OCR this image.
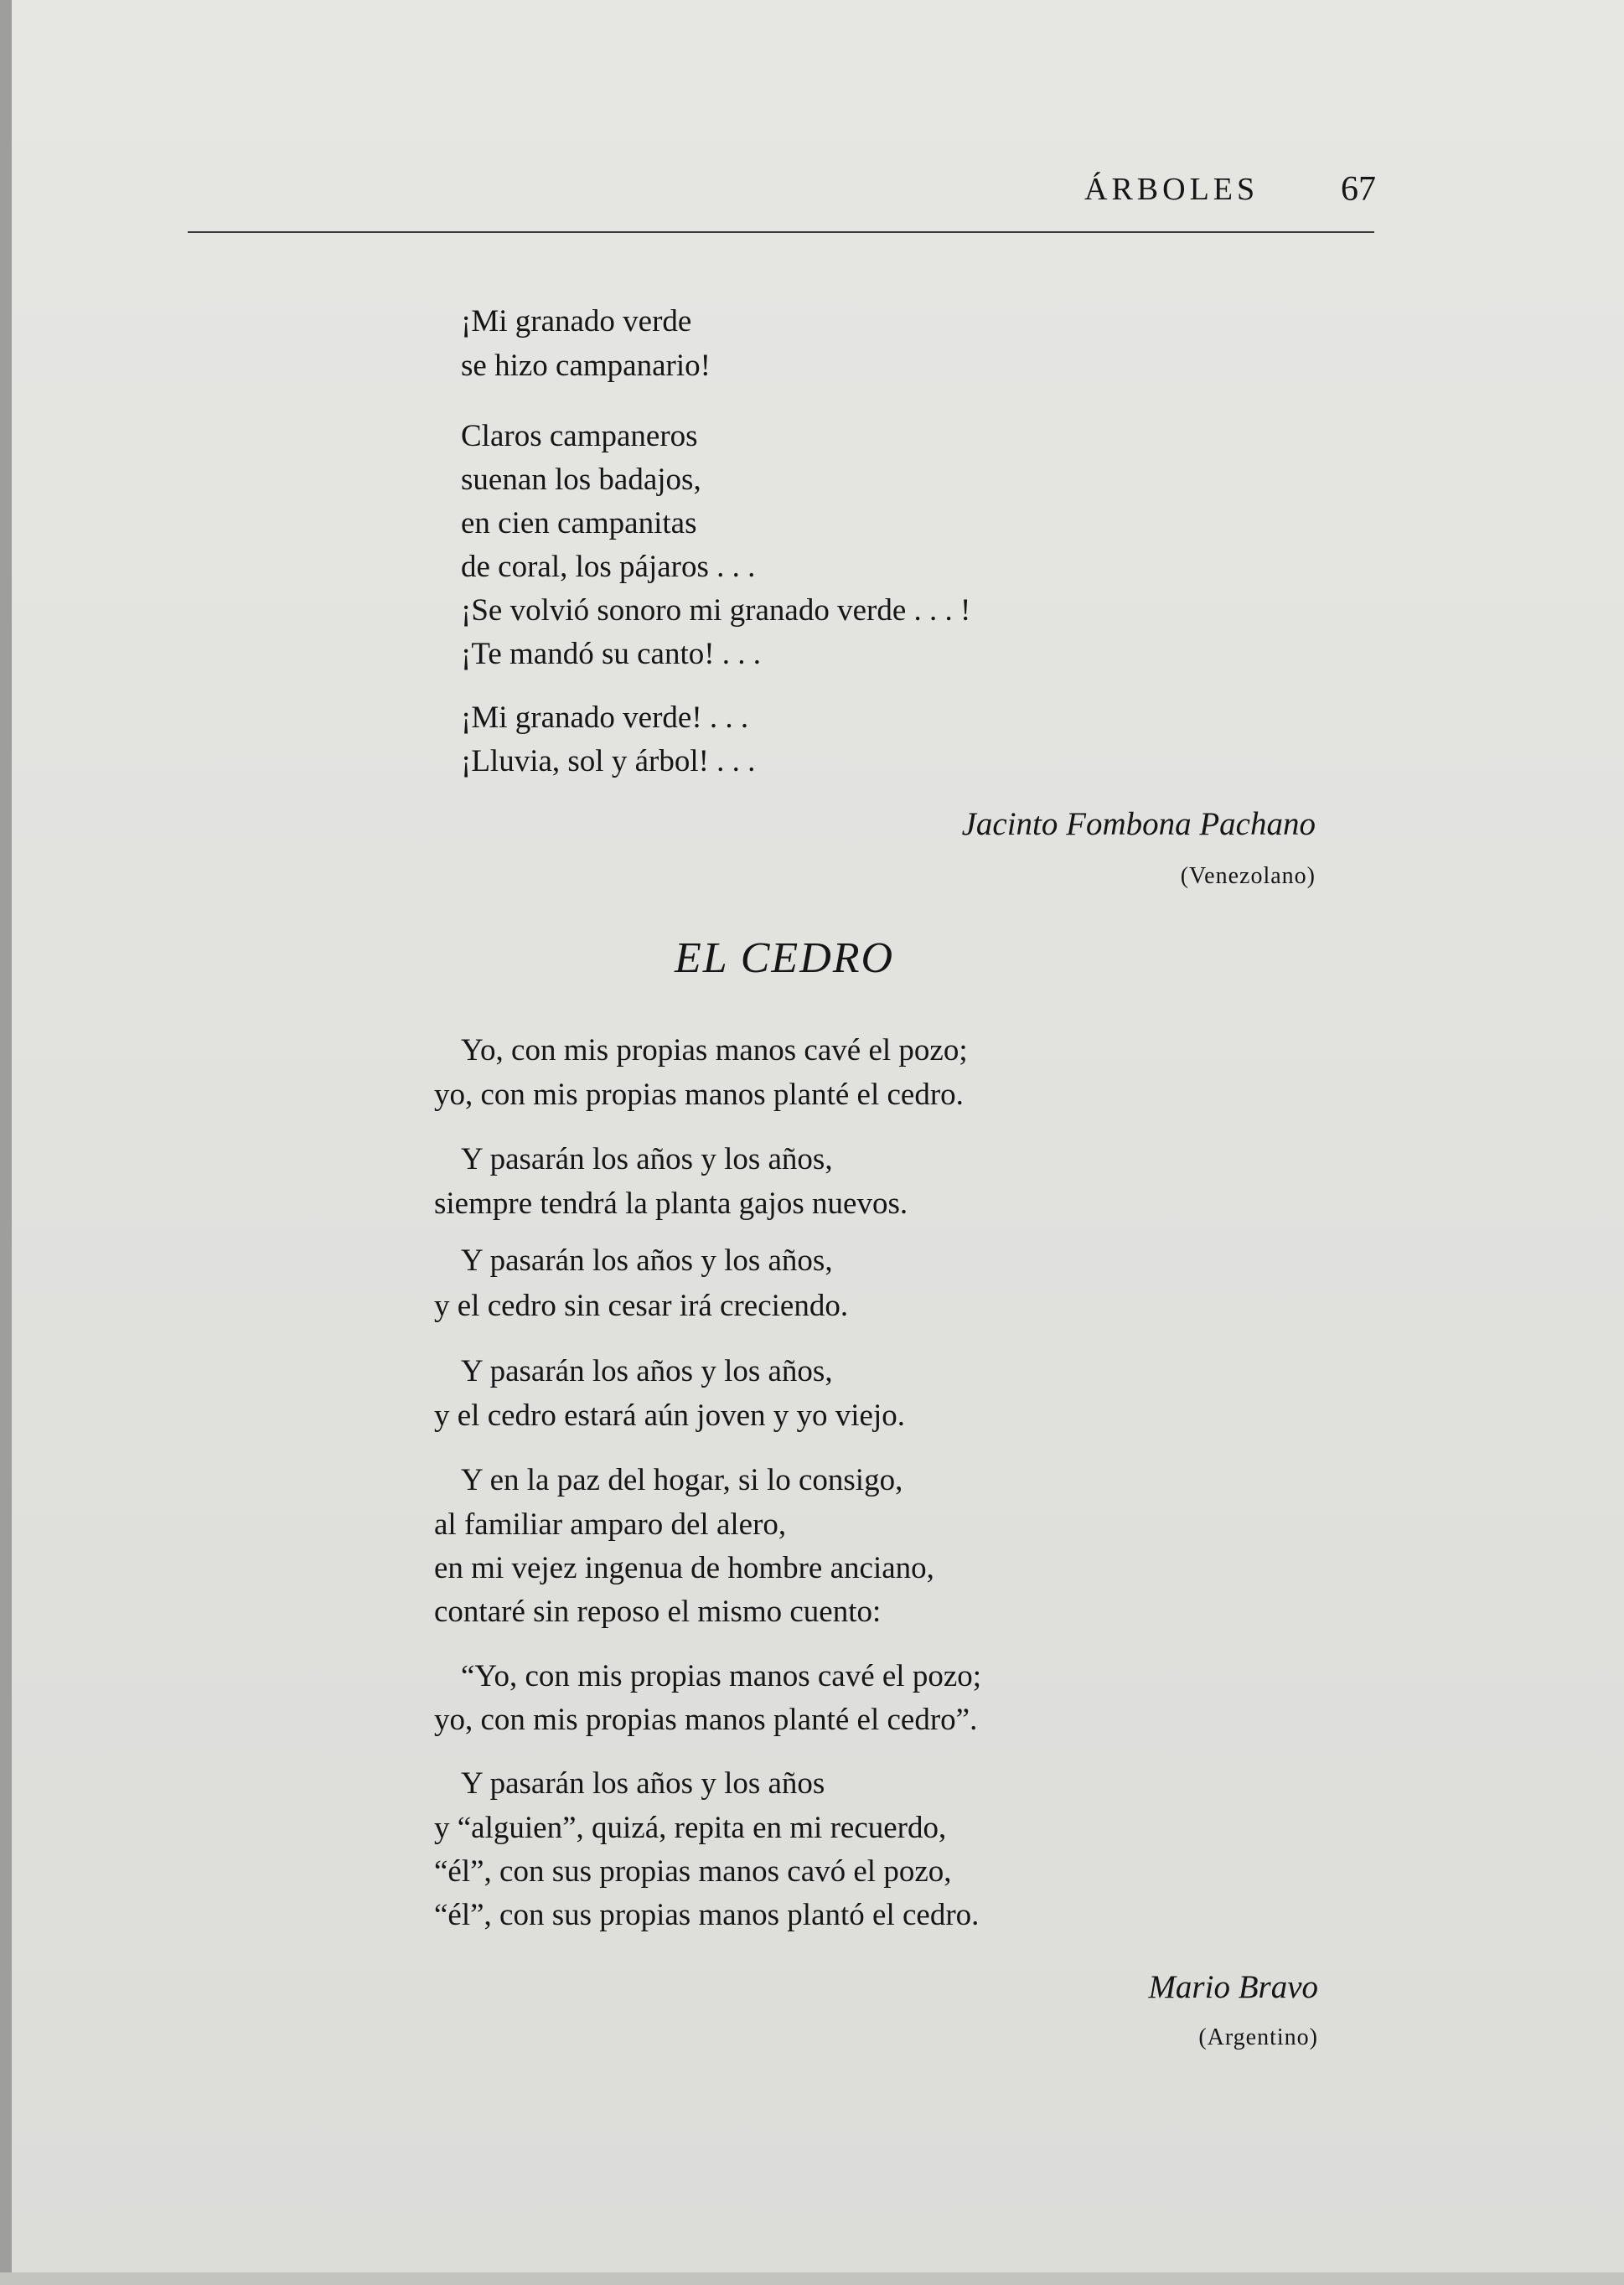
ÁRBOLES 67
¡Mi granado verde
se hizo campanario!
Claros campaneros
suenan los badajos,
en cien campanitas
de coral, los pájaros . . .
¡Se volvió sonoro mi granado verde . . . !
¡Te mandó su canto! . . .
¡Mi granado verde! . . .
¡Lluvia, sol y árbol! . . .
Jacinto Fombona Pachano
(Venezolano)
EL CEDRO
Yo, con mis propias manos cavé el pozo;
yo, con mis propias manos planté el cedro.
Y pasarán los años y los años,
siempre tendrá la planta gajos nuevos.
Y pasarán los años y los años,
y el cedro sin cesar irá creciendo.
Y pasarán los años y los años,
y el cedro estará aún joven y yo viejo.
Y en la paz del hogar, si lo consigo,
al familiar amparo del alero,
en mi vejez ingenua de hombre anciano,
contaré sin reposo el mismo cuento:
“Yo, con mis propias manos cavé el pozo;
yo, con mis propias manos planté el cedro”.
Y pasarán los años y los años
y “alguien”, quizá, repita en mi recuerdo,
“él”, con sus propias manos cavó el pozo,
“él”, con sus propias manos plantó el cedro.
Mario Bravo
(Argentino)
